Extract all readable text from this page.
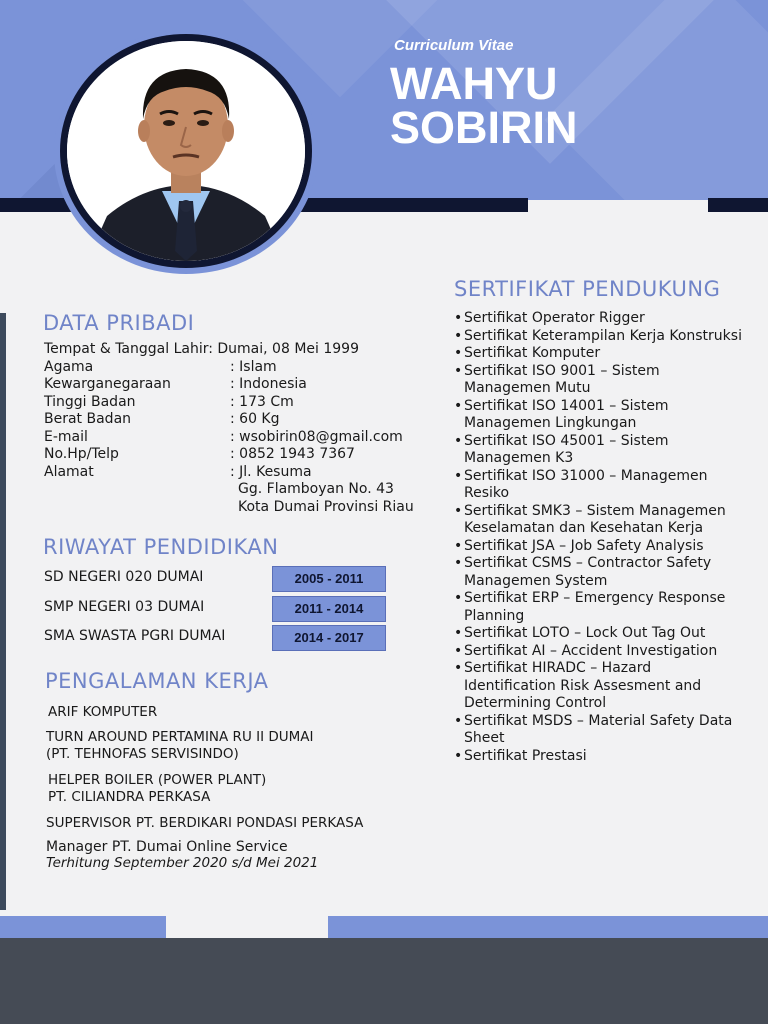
Curriculum Vitae
WAHYU
SOBIRIN
DATA PRIBADI
Tempat & Tanggal Lahir: Dumai, 08 Mei 1999
Agama	: Islam
Kewarganegaraan	: Indonesia
Tinggi Badan	: 173 Cm
Berat Badan	: 60 Kg
E-mail	: wsobirin08@gmail.com
No.Hp/Telp	: 0852 1943 7367
Alamat	: Jl. Kesuma
Gg. Flamboyan No. 43
Kota Dumai Provinsi Riau
RIWAYAT PENDIDIKAN
SD NEGERI 020 DUMAI	2005 - 2011
SMP NEGERI 03 DUMAI	2011 - 2014
SMA SWASTA PGRI DUMAI	2014 - 2017
PENGALAMAN KERJA
ARIF KOMPUTER
TURN AROUND PERTAMINA RU II DUMAI
(PT. TEHNOFAS SERVISINDO)
HELPER BOILER (POWER PLANT)
PT. CILIANDRA PERKASA
SUPERVISOR PT. BERDIKARI PONDASI PERKASA
Manager PT. Dumai Online Service
Terhitung September 2020 s/d Mei 2021
SERTIFIKAT PENDUKUNG
• Sertifikat Operator Rigger
• Sertifikat Keterampilan Kerja Konstruksi
• Sertifikat Komputer
• Sertifikat ISO 9001 – Sistem Managemen Mutu
• Sertifikat ISO 14001 – Sistem Managemen Lingkungan
• Sertifikat ISO 45001 – Sistem Managemen K3
• Sertifikat ISO 31000 – Managemen Resiko
• Sertifikat SMK3 – Sistem Managemen Keselamatan dan Kesehatan Kerja
• Sertifikat JSA – Job Safety Analysis
• Sertifikat CSMS – Contractor Safety Managemen System
• Sertifikat ERP – Emergency Response Planning
• Sertifikat LOTO – Lock Out Tag Out
• Sertifikat AI – Accident Investigation
• Sertifikat HIRADC – Hazard Identification Risk Assesment and Determining Control
• Sertifikat MSDS – Material Safety Data Sheet
• Sertifikat Prestasi
